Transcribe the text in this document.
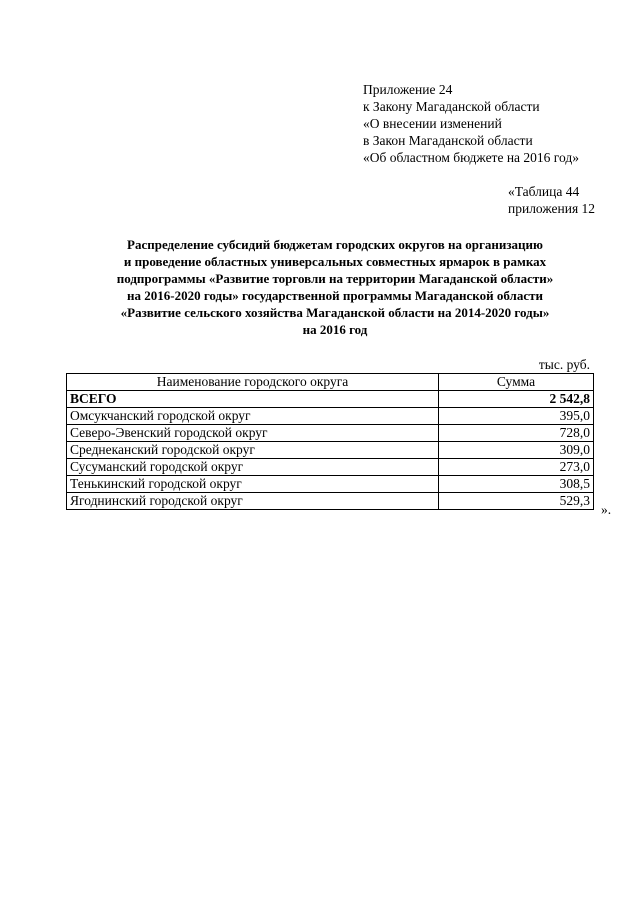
Приложение 24
к Закону Магаданской области
«О внесении изменений
в Закон Магаданской области
«Об областном бюджете на 2016 год»
«Таблица 44
приложения 12
Распределение субсидий бюджетам городских округов на организацию
и проведение областных универсальных совместных ярмарок в рамках
подпрограммы «Развитие торговли на территории Магаданской области»
на 2016-2020 годы» государственной программы Магаданской области
«Развитие сельского хозяйства Магаданской области на 2014-2020 годы»
на 2016 год
тыс. руб.
Наименование городского округа	Сумма
ВСЕГО	2 542,8
Омсукчанский городской округ	395,0
Северо-Эвенский городской округ	728,0
Среднеканский городской округ	309,0
Сусуманский городской округ	273,0
Тенькинский городской округ	308,5
Ягоднинский городской округ	529,3
».
